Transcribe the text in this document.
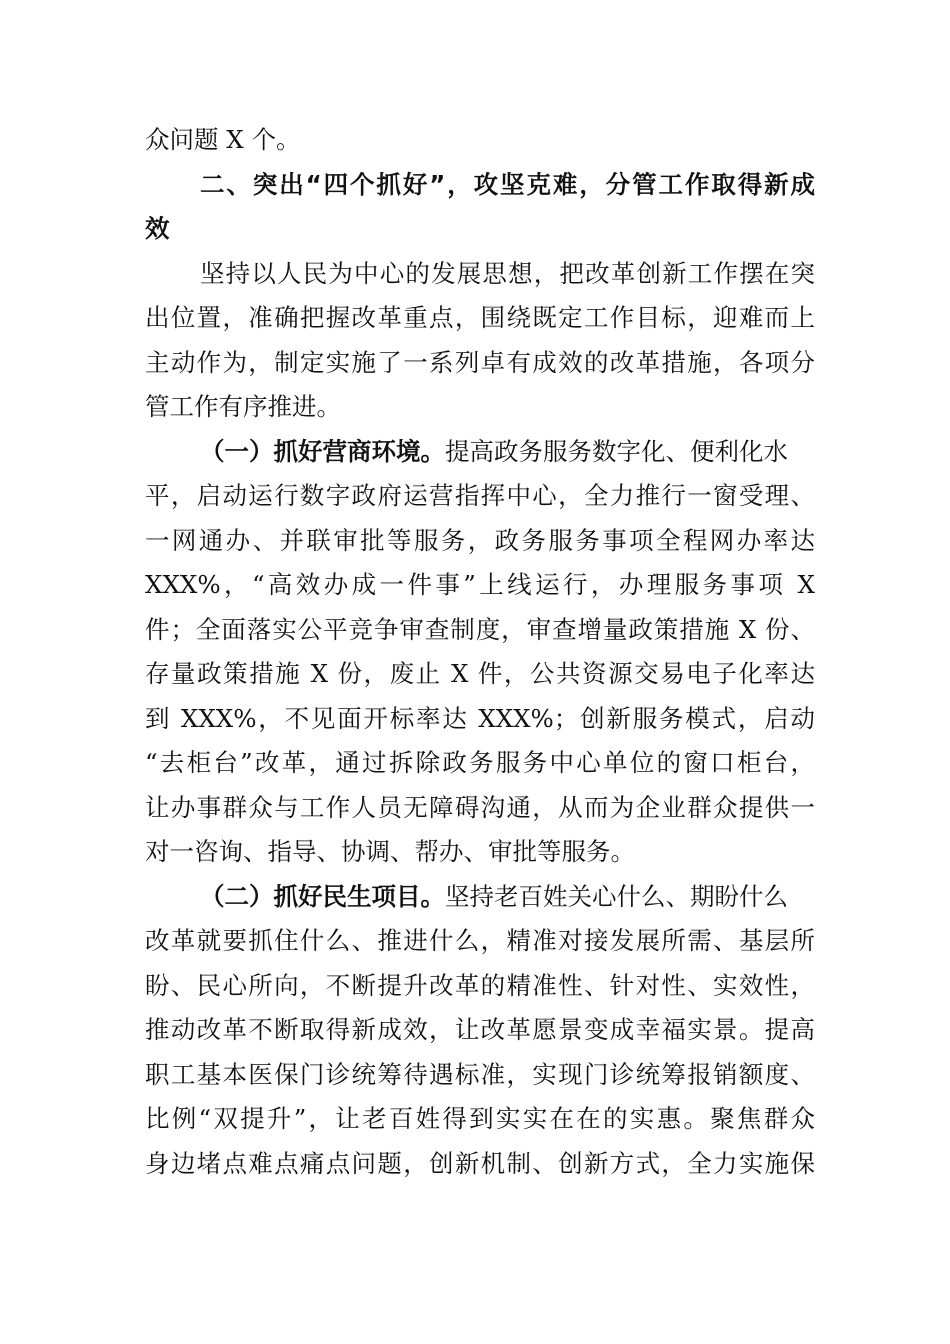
众问题 X 个。
二、突出“四个抓好”，攻坚克难，分管工作取得新成
效
坚持以人民为中心的发展思想，把改革创新工作摆在突
出位置，准确把握改革重点，围绕既定工作目标，迎难而上
主动作为，制定实施了一系列卓有成效的改革措施，各项分
管工作有序推进。
（一）抓好营商环境。提高政务服务数字化、便利化水
平，启动运行数字政府运营指挥中心，全力推行一窗受理、
一网通办、并联审批等服务，政务服务事项全程网办率达
XXX%，“高效办成一件事”上线运行，办理服务事项 X
件；全面落实公平竞争审查制度，审查增量政策措施 X 份、
存量政策措施 X 份，废止 X 件，公共资源交易电子化率达
到 XXX%，不见面开标率达 XXX%；创新服务模式，启动
“去柜台”改革，通过拆除政务服务中心单位的窗口柜台，
让办事群众与工作人员无障碍沟通，从而为企业群众提供一
对一咨询、指导、协调、帮办、审批等服务。
（二）抓好民生项目。坚持老百姓关心什么、期盼什么
改革就要抓住什么、推进什么，精准对接发展所需、基层所
盼、民心所向，不断提升改革的精准性、针对性、实效性，
推动改革不断取得新成效，让改革愿景变成幸福实景。提高
职工基本医保门诊统筹待遇标准，实现门诊统筹报销额度、
比例“双提升”，让老百姓得到实实在在的实惠。聚焦群众
身边堵点难点痛点问题，创新机制、创新方式，全力实施保
